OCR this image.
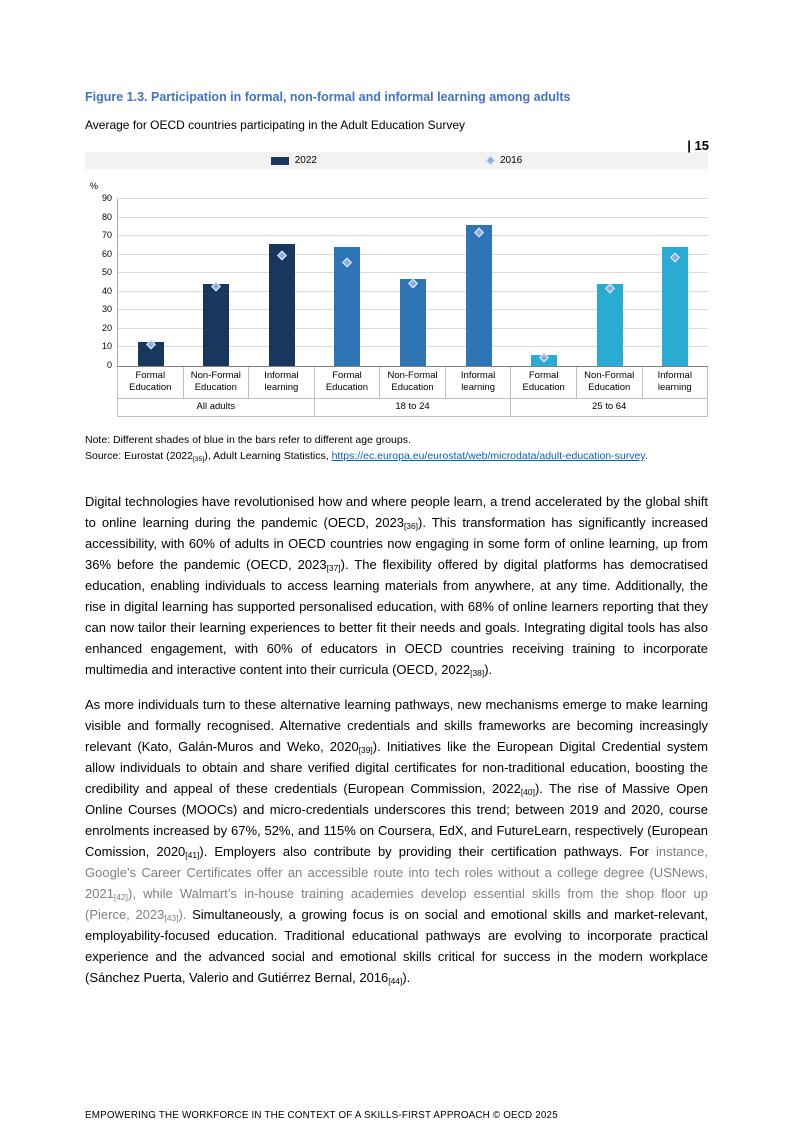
| 15
Figure 1.3. Participation in formal, non-formal and informal learning among adults

Average for OECD countries participating in the Adult Education Survey

2022	2016
%
0
10
20
30
40
50
60
70
80
90
Formal Education
Non-Formal Education
Informal learning
Formal Education
Non-Formal Education
Informal learning
Formal Education
Non-Formal Education
Informal learning
All adults	18 to 24	25 to 64

Note: Different shades of blue in the bars refer to different age groups.

Source: Eurostat $(2022_{[35]})$, Adult Learning Statistics, https://ec.europa.eu/eurostat/web/microdata/adult-education-survey.

Digital technologies have revolutionised how and where people learn, a trend accelerated by the global shift to online learning during the pandemic (OECD, $2023_{[36]}$). This transformation has significantly increased accessibility, with 60% of adults in OECD countries now engaging in some form of online learning, up from 36% before the pandemic (OECD, $2023_{[37]}$). The flexibility offered by digital platforms has democratised education, enabling individuals to access learning materials from anywhere, at any time. Additionally, the rise in digital learning has supported personalised education, with 68% of online learners reporting that they can now tailor their learning experiences to better fit their needs and goals. Integrating digital tools has also enhanced engagement, with 60% of educators in OECD countries receiving training to incorporate multimedia and interactive content into their curricula (OECD, $2022_{[38]}$).

As more individuals turn to these alternative learning pathways, new mechanisms emerge to make learning visible and formally recognised. Alternative credentials and skills frameworks are becoming increasingly relevant (Kato, Galán-Muros and Weko, $2020_{[39]}$). Initiatives like the European Digital Credential system allow individuals to obtain and share verified digital certificates for non-traditional education, boosting the credibility and appeal of these credentials (European Commission, $2022_{[40]}$). The rise of Massive Open Online Courses (MOOCs) and micro-credentials underscores this trend; between 2019 and 2020, course enrolments increased by 67%, 52%, and 115% on Coursera, EdX, and FutureLearn, respectively (European Comission, $2020_{[41]}$). Employers also contribute by providing their certification pathways. For instance, Google’s Career Certificates offer an accessible route into tech roles without a college degree (USNews, $2021_{[42]}$), while Walmart’s in-house training academies develop essential skills from the shop floor up (Pierce, $2023_{[43]}$). Simultaneously, a growing focus is on social and emotional skills and market-relevant, employability-focused education. Traditional educational pathways are evolving to incorporate practical experience and the advanced social and emotional skills critical for success in the modern workplace (Sánchez Puerta, Valerio and Gutiérrez Bernal, $2016_{[44]}$).

EMPOWERING THE WORKFORCE IN THE CONTEXT OF A SKILLS-FIRST APPROACH © OECD 2025
